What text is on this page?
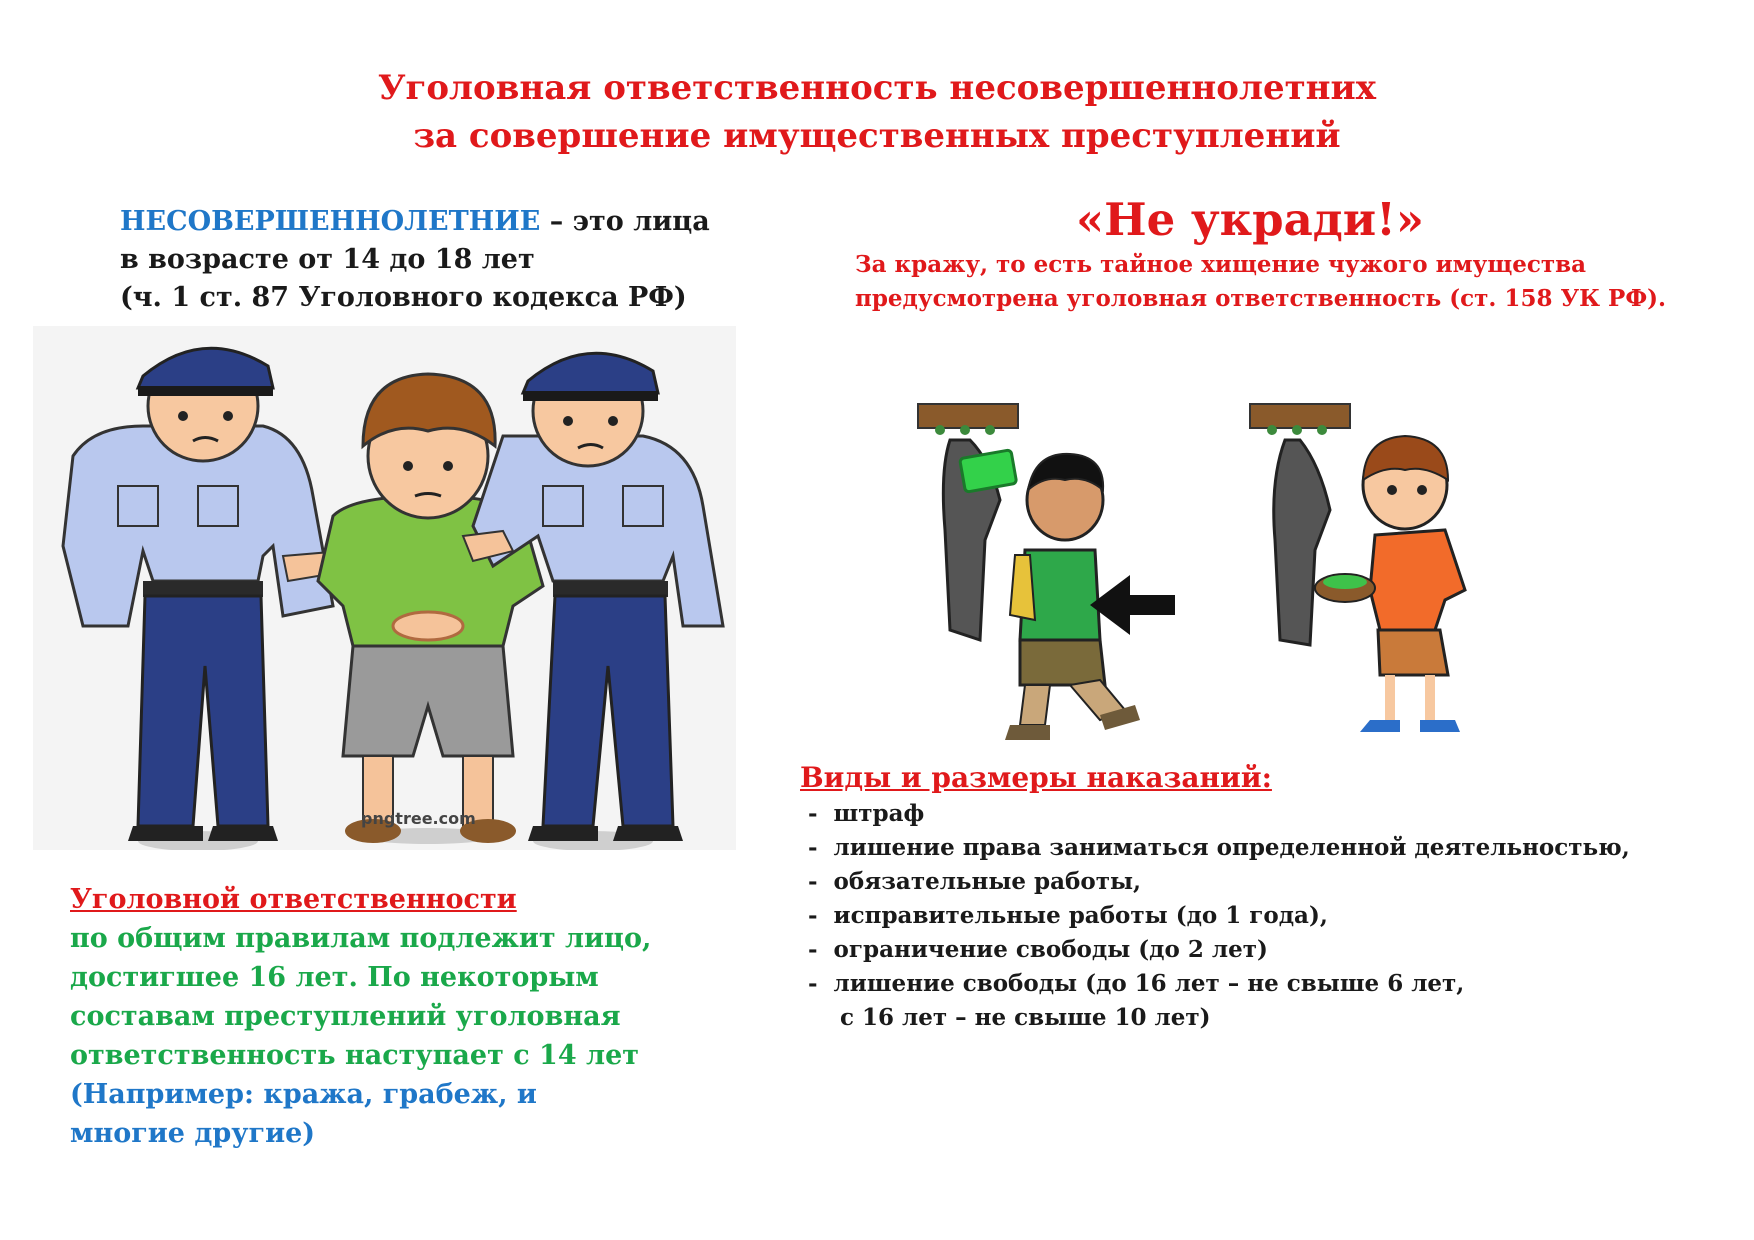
Уголовная ответственность несовершеннолетних
за совершение имущественных преступлений
НЕСОВЕРШЕННОЛЕТНИЕ – это лица
в возрасте от 14 до 18 лет
(ч. 1 ст. 87 Уголовного кодекса РФ)
«Не укради!»
За кражу, то есть тайное хищение чужого имущества
предусмотрена уголовная ответственность (ст. 158 УК РФ).
pngtree.com
Уголовной ответственности
по общим правилам подлежит лицо,
достигшее 16 лет. По некоторым
составам преступлений уголовная
ответственность наступает с 14 лет
(Например: кража, грабеж, и
многие другие)
Виды и размеры наказаний:
-  штраф
-  лишение права заниматься определенной деятельностью,
-  обязательные работы,
-  исправительные работы (до 1 года),
-  ограничение свободы (до 2 лет)
-  лишение свободы (до 16 лет – не свыше 6 лет,
с 16 лет – не свыше 10 лет)
